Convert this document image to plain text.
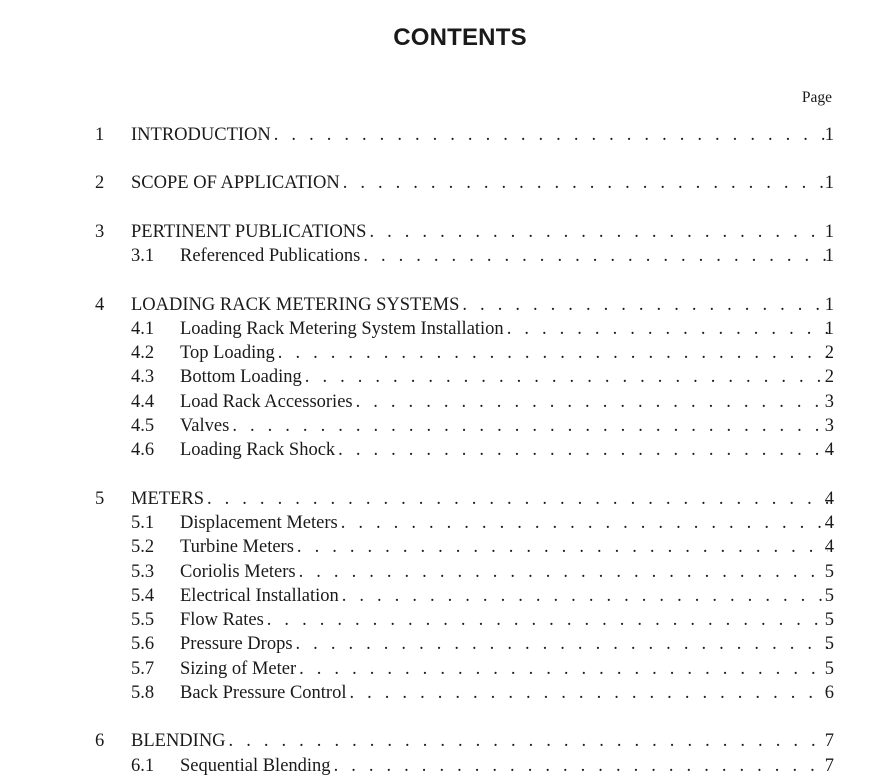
CONTENTS
Page
1 INTRODUCTION . . .	1
2 SCOPE OF APPLICATION . . .	1
3 PERTINENT PUBLICATIONS . . .	1
3.1 Referenced Publications . . .	1
4 LOADING RACK METERING SYSTEMS . . .	1
4.1 Loading Rack Metering System Installation . . .	1
4.2 Top Loading . . .	2
4.3 Bottom Loading . . .	2
4.4 Load Rack Accessories . . .	3
4.5 Valves . . .	3
4.6 Loading Rack Shock . . .	4
5 METERS . . .	4
5.1 Displacement Meters . . .	4
5.2 Turbine Meters . . .	4
5.3 Coriolis Meters . . .	5
5.4 Electrical Installation . . .	5
5.5 Flow Rates . . .	5
5.6 Pressure Drops . . .	5
5.7 Sizing of Meter . . .	5
5.8 Back Pressure Control . . .	6
6 BLENDING . . .	7
6.1 Sequential Blending . . .	7
